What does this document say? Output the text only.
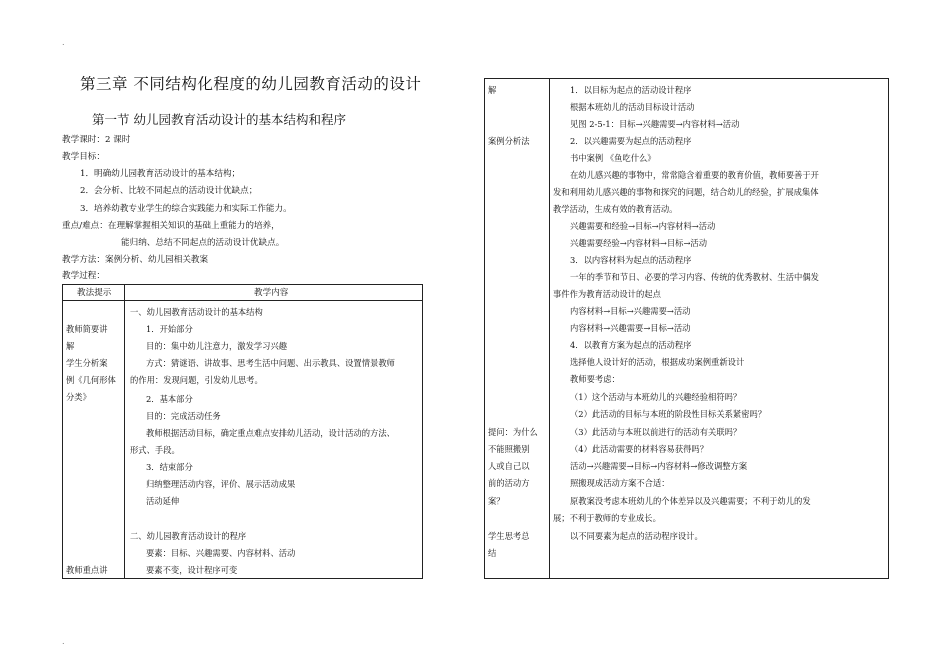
.
.
第三章 不同结构化程度的幼儿园教育活动的设计
第一节 幼儿园教育活动设计的基本结构和程序
教学课时：2 课时
教学目标：
1．明确幼儿园教育活动设计的基本结构；
2．会分析、比较不同起点的活动设计优缺点；
3．培养幼教专业学生的综合实践能力和实际工作能力。
重点/难点：在理解掌握相关知识的基础上重能力的培养，
能归纳、总结不同起点的活动设计优缺点。
教学方法：案例分析、幼儿园相关教案
教学过程：
教法提示	教学内容
教师简要讲
解
学生分析案
例《几何形体
分类》
教师重点讲
一、幼儿园教育活动设计的基本结构
1．开始部分
目的：集中幼儿注意力，激发学习兴趣
方式：猜谜语、讲故事、思考生活中问题、出示教具、设置情景教师
的作用：发现问题，引发幼儿思考。
2．基本部分
目的：完成活动任务
教师根据活动目标，确定重点难点安排幼儿活动，设计活动的方法、
形式、手段。
3．结束部分
归纳整理活动内容，评价、展示活动成果
活动延伸
二、幼儿园教育活动设计的程序
要素：目标、兴趣需要、内容材料、活动
要素不变，设计程序可变
解
案例分析法
提问：为什么
不能照搬别
人或自己以
前的活动方
案？
学生思考总
结
1．以目标为起点的活动设计程序
根据本班幼儿的活动目标设计活动
见图 2-5-1：目标→兴趣需要→内容材料→活动
2．以兴趣需要为起点的活动程序
书中案例 《鱼吃什么》
在幼儿感兴趣的事物中，常常隐含着重要的教育价值，教师要善于开
发和利用幼儿感兴趣的事物和探究的问题，结合幼儿的经验，扩展成集体
教学活动，生成有效的教育活动。
兴趣需要和经验→目标→内容材料→活动
兴趣需要经验→内容材料→目标→活动
3．以内容材料为起点的活动程序
一年的季节和节日、必要的学习内容、传统的优秀教材、生活中偶发
事件作为教育活动设计的起点
内容材料→目标→兴趣需要→活动
内容材料→兴趣需要→目标→活动
4．以教育方案为起点的活动程序
选择他人设计好的活动，根据成功案例重新设计
教师要考虑：
（1）这个活动与本班幼儿的兴趣经验相符吗？
（2）此活动的目标与本班的阶段性目标关系紧密吗？
（3）此活动与本班以前进行的活动有关联吗？
（4）此活动需要的材料容易获得吗？
活动→兴趣需要→目标→内容材料→修改调整方案
照搬现成活动方案不合适：
原教案没考虑本班幼儿的个体差异以及兴趣需要；不利于幼儿的发
展；不利于教师的专业成长。
以不同要素为起点的活动程序设计。
